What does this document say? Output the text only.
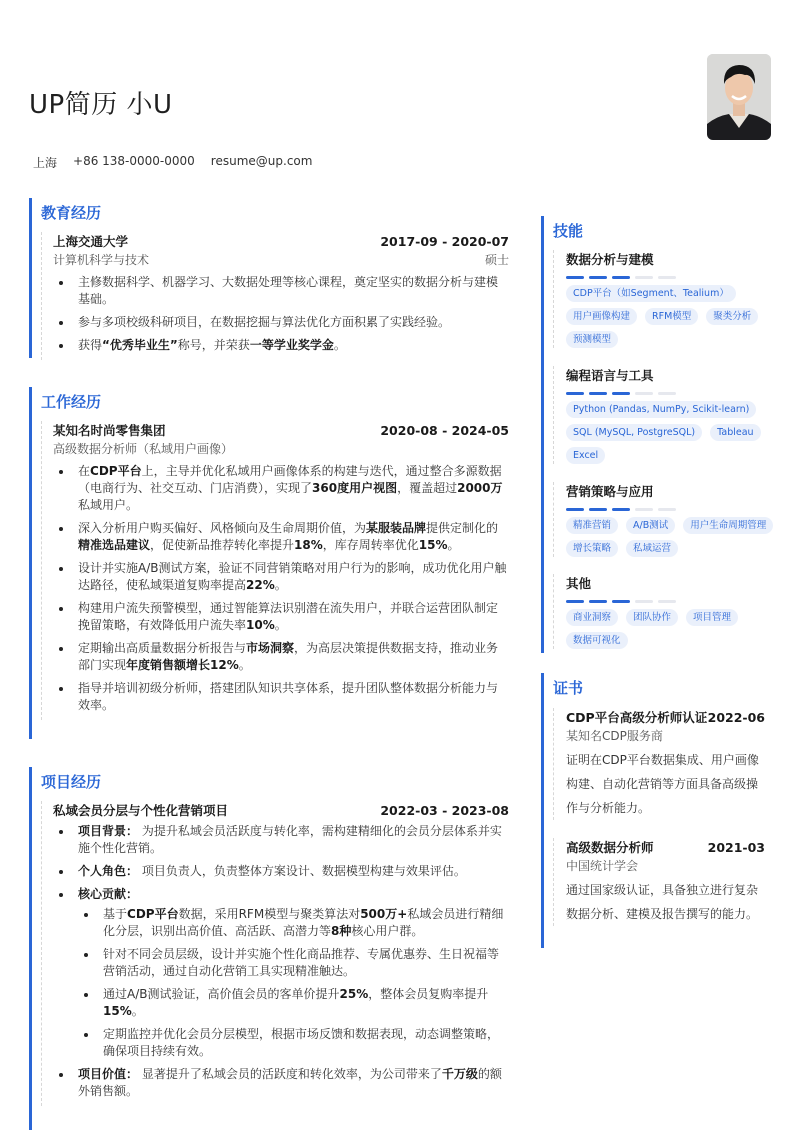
UP简历 小U
上海 +86 138-0000-0000 resume@up.com
教育经历
上海交通大学	2017-09 - 2020-07
计算机科学与技术	硕士
主修数据科学、机器学习、大数据处理等核心课程，奠定坚实的数据分析与建模基础。
参与多项校级科研项目，在数据挖掘与算法优化方面积累了实践经验。
获得“优秀毕业生”称号，并荣获一等学业奖学金。
工作经历
某知名时尚零售集团	2020-08 - 2024-05
高级数据分析师（私域用户画像）
在CDP平台上，主导并优化私域用户画像体系的构建与迭代，通过整合多源数据（电商行为、社交互动、门店消费），实现了360度用户视图，覆盖超过2000万私域用户。
深入分析用户购买偏好、风格倾向及生命周期价值，为某服装品牌提供定制化的精准选品建议，促使新品推荐转化率提升18%，库存周转率优化15%。
设计并实施A/B测试方案，验证不同营销策略对用户行为的影响，成功优化用户触达路径，使私域渠道复购率提高22%。
构建用户流失预警模型，通过智能算法识别潜在流失用户，并联合运营团队制定挽留策略，有效降低用户流失率10%。
定期输出高质量数据分析报告与市场洞察，为高层决策提供数据支持，推动业务部门实现年度销售额增长12%。
指导并培训初级分析师，搭建团队知识共享体系，提升团队整体数据分析能力与效率。
项目经历
私域会员分层与个性化营销项目	2022-03 - 2023-08
项目背景： 为提升私域会员活跃度与转化率，需构建精细化的会员分层体系并实施个性化营销。
个人角色： 项目负责人，负责整体方案设计、数据模型构建与效果评估。
核心贡献：
基于CDP平台数据，采用RFM模型与聚类算法对500万+私域会员进行精细化分层，识别出高价值、高活跃、高潜力等8种核心用户群。
针对不同会员层级，设计并实施个性化商品推荐、专属优惠券、生日祝福等营销活动，通过自动化营销工具实现精准触达。
通过A/B测试验证，高价值会员的客单价提升25%，整体会员复购率提升15%。
定期监控并优化会员分层模型，根据市场反馈和数据表现，动态调整策略，确保项目持续有效。
项目价值： 显著提升了私域会员的活跃度和转化效率，为公司带来了千万级的额外销售额。
技能
数据分析与建模
CDP平台（如Segment、Tealium）
用户画像构建	RFM模型	聚类分析
预测模型
编程语言与工具
Python (Pandas, NumPy, Scikit-learn)
SQL (MySQL, PostgreSQL)	Tableau
Excel
营销策略与应用
精准营销	A/B测试	用户生命周期管理
增长策略	私域运营
其他
商业洞察	团队协作	项目管理
数据可视化
证书
CDP平台高级分析师认证 2022-06
某知名CDP服务商
证明在CDP平台数据集成、用户画像构建、自动化营销等方面具备高级操作与分析能力。
高级数据分析师	2021-03
中国统计学会
通过国家级认证，具备独立进行复杂数据分析、建模及报告撰写的能力。
